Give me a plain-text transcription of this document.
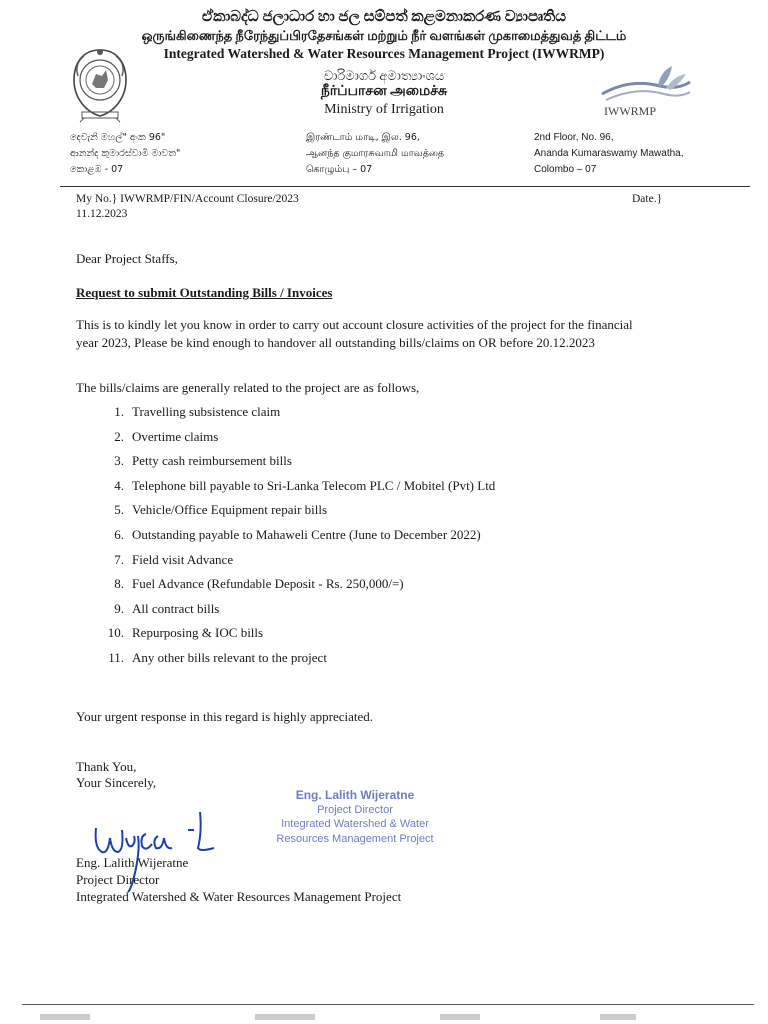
ඒකාබද්ධ ජලාධාර හා ජල සම්පත් කළමනාකරණ ව්‍යාපෘතිය
ஒருங்கிணைந்த நீரேந்துப்பிரதேசங்கள் மற்றும் நீர் வளங்கள் முகாமைத்துவத் திட்டம்
Integrated Watershed & Water Resources Management Project (IWWRMP)
වාරිමාර්ග අමාත්‍යාංශය
நீர்ப்பாசன அமைச்சு
Ministry of Irrigation	IWWRMP
දෙවැනි මහල්" අංක 96"
ආනන්ද කුමාරස්වාමි මාවත"
කොළඹ - 07
இரண்டாம் மாடி, இல. 96,
ஆனந்த குமாரசுவாமி மாவத்தை
கொழும்பு – 07
2nd Floor, No. 96,
Ananda Kumaraswamy Mawatha,
Colombo – 07
My No.} IWWRMP/FIN/Account Closure/2023	Date.}
11.12.2023
Dear Project Staffs,
Request to submit Outstanding Bills / Invoices
This is to kindly let you know in order to carry out account closure activities of the project for the financial
year 2023, Please be kind enough to handover all outstanding bills/claims on OR before 20.12.2023
The bills/claims are generally related to the project are as follows,
1. Travelling subsistence claim
2. Overtime claims
3. Petty cash reimbursement bills
4. Telephone bill payable to Sri-Lanka Telecom PLC / Mobitel (Pvt) Ltd
5. Vehicle/Office Equipment repair bills
6. Outstanding payable to Mahaweli Centre (June to December 2022)
7. Field visit Advance
8. Fuel Advance (Refundable Deposit - Rs. 250,000/=)
9. All contract bills
10. Repurposing & IOC bills
11. Any other bills relevant to the project
Your urgent response in this regard is highly appreciated.
Thank You,
Your Sincerely,
Eng. Lalith Wijeratne
Project Director
Integrated Watershed & Water
Resources Management Project
Eng. Lalith Wijeratne
Project Director
Integrated Watershed & Water Resources Management Project
